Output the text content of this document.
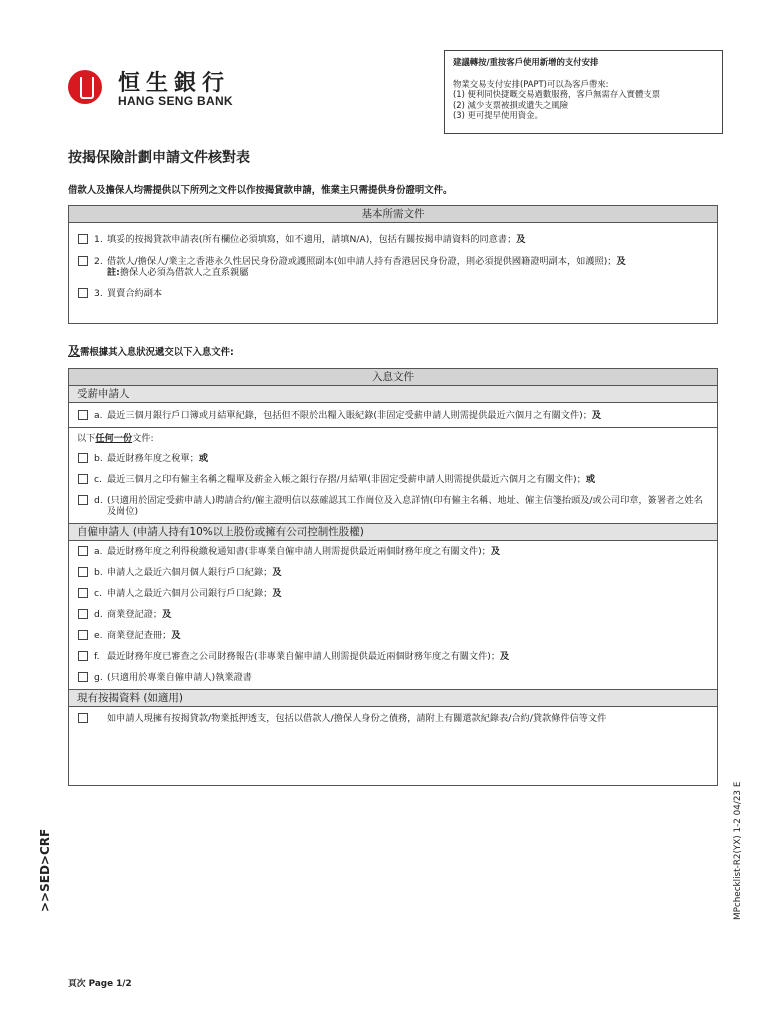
恒生銀行
HANG SENG BANK
建議轉按/重按客戶使用新增的支付安排
物業交易支付安排(PAPT)可以為客戶帶來:
(1) 便利同快捷嘅交易過數服務，客戶無需存入實體支票
(2) 減少支票被損或遺失之風險
(3) 更可提早使用資金。
按揭保險計劃申請文件核對表
借款人及擔保人均需提供以下所列之文件以作按揭貸款申請，惟業主只需提供身份證明文件。
基本所需文件
1. 填妥的按揭貸款申請表(所有欄位必須填寫，如不適用，請填N/A)，包括有關按揭申請資料的同意書；及
2. 借款人/擔保人/業主之香港永久性居民身份證或護照副本(如申請人持有香港居民身份證，則必須提供國籍證明副本，如護照)；及
註:擔保人必須為借款人之直系親屬
3. 買賣合約副本
及需根據其入息狀況遞交以下入息文件:
入息文件
受薪申請人
a. 最近三個月銀行戶口簿或月結單紀錄，包括但不限於出糧入賬紀錄(非固定受薪申請人則需提供最近六個月之有關文件)；及
以下任何一份文件:
b. 最近財務年度之稅單；或
c. 最近三個月之印有僱主名稱之糧單及薪金入帳之銀行存摺/月結單(非固定受薪申請人則需提供最近六個月之有關文件)；或
d. (只適用於固定受薪申請人)聘請合約/僱主證明信以茲確認其工作崗位及入息詳情(印有僱主名稱、地址、僱主信箋抬頭及/或公司印章，簽署者之姓名及崗位)
自僱申請人 (申請人持有10%以上股份或擁有公司控制性股權)
a. 最近財務年度之利得稅繳稅通知書(非專業自僱申請人則需提供最近兩個財務年度之有關文件)；及
b. 申請人之最近六個月個人銀行戶口紀錄；及
c. 申請人之最近六個月公司銀行戶口紀錄；及
d. 商業登記證；及
e. 商業登記查冊；及
f. 最近財務年度已審查之公司財務報告(非專業自僱申請人則需提供最近兩個財務年度之有關文件)；及
g. (只適用於專業自僱申請人)執業證書
現有按揭資料 (如適用)
如申請人現擁有按揭貸款/物業抵押透支，包括以借款人/擔保人身份之債務，請附上有關還款紀錄表/合約/貸款條件信等文件
>>SED>CRF	MPchecklist-R2(YX) 1-2 04/23 E
頁次 Page 1/2
